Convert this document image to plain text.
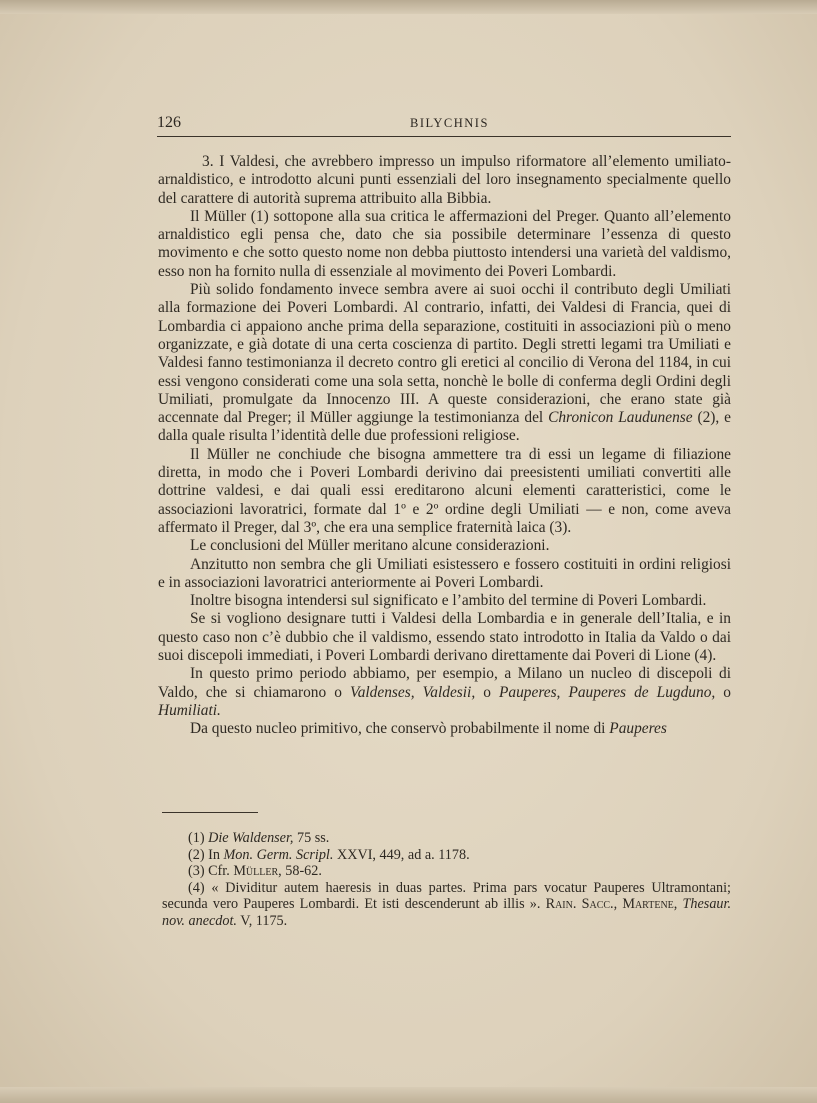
126	BILYCHNIS

3. I Valdesi, che avrebbero impresso un impulso riformatore all’elemento umiliato-arnaldistico, e introdotto alcuni punti essenziali del loro insegnamento specialmente quello del carattere di autorità suprema attribuito alla Bibbia.

Il Müller (1) sottopone alla sua critica le affermazioni del Preger. Quanto all’elemento arnaldistico egli pensa che, dato che sia possibile determinare l’essenza di questo movimento e che sotto questo nome non debba piuttosto intendersi una varietà del valdismo, esso non ha fornito nulla di essenziale al movimento dei Poveri Lombardi.

Più solido fondamento invece sembra avere ai suoi occhi il contributo degli Umiliati alla formazione dei Poveri Lombardi. Al contrario, infatti, dei Valdesi di Francia, quei di Lombardia ci appaiono anche prima della separazione, costituiti in associazioni più o meno organizzate, e già dotate di una certa coscienza di partito. Degli stretti legami tra Umiliati e Valdesi fanno testimonianza il decreto contro gli eretici al concilio di Verona del 1184, in cui essi vengono considerati come una sola setta, nonchè le bolle di conferma degli Ordini degli Umiliati, promulgate da Innocenzo III. A queste considerazioni, che erano state già accennate dal Preger; il Müller aggiunge la testimonianza del Chronicon Laudunense (2), e dalla quale risulta l’identità delle due professioni religiose.

Il Müller ne conchiude che bisogna ammettere tra di essi un legame di filiazione diretta, in modo che i Poveri Lombardi derivino dai preesistenti umiliati convertiti alle dottrine valdesi, e dai quali essi ereditarono alcuni elementi caratteristici, come le associazioni lavoratrici, formate dal 1º e 2º ordine degli Umiliati — e non, come aveva affermato il Preger, dal 3º, che era una semplice fraternità laica (3).

Le conclusioni del Müller meritano alcune considerazioni.

Anzitutto non sembra che gli Umiliati esistessero e fossero costituiti in ordini religiosi e in associazioni lavoratrici anteriormente ai Poveri Lombardi.

Inoltre bisogna intendersi sul significato e l’ambito del termine di Poveri Lombardi.

Se si vogliono designare tutti i Valdesi della Lombardia e in generale dell’Italia, e in questo caso non c’è dubbio che il valdismo, essendo stato introdotto in Italia da Valdo o dai suoi discepoli immediati, i Poveri Lombardi derivano direttamente dai Poveri di Lione (4).

In questo primo periodo abbiamo, per esempio, a Milano un nucleo di discepoli di Valdo, che si chiamarono o Valdenses, Valdesii, o Pauperes, Pauperes de Lugduno, o Humiliati.

Da questo nucleo primitivo, che conservò probabilmente il nome di Pauperes

(1) Die Waldenser, 75 ss.

(2) In Mon. Germ. Scripl. XXVI, 449, ad a. 1178.

(3) Cfr. Müller, 58-62.

(4) « Dividitur autem haeresis in duas partes. Prima pars vocatur Pauperes Ultramontani; secunda vero Pauperes Lombardi. Et isti descenderunt ab illis ». Rain. Sacc., Martene, Thesaur. nov. anecdot. V, 1175.
